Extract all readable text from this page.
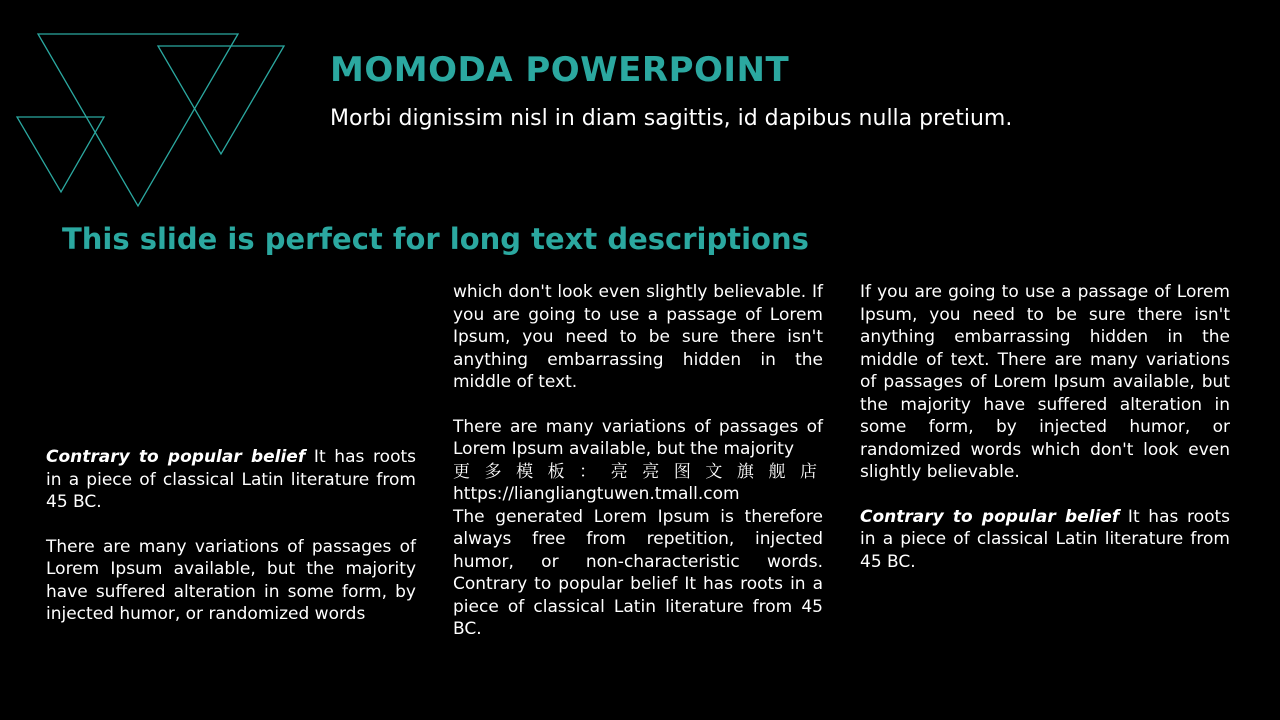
MOMODA POWERPOINT
Morbi dignissim nisl in diam sagittis, id dapibus nulla pretium.
This slide is perfect for long text descriptions

Contrary to popular belief It has roots in a piece of classical Latin literature from 45 BC.

There are many variations of passages of Lorem Ipsum available, but the majority have suffered alteration in some form, by injected humor, or randomized words

which don't look even slightly believable. If you are going to use a passage of Lorem Ipsum, you need to be sure there isn't anything embarrassing hidden in the middle of text.

There are many variations of passages of Lorem Ipsum available, but the majority
更多模板：亮亮图文旗舰店
https://liangliangtuwen.tmall.com

The generated Lorem Ipsum is therefore always free from repetition, injected humor, or non-characteristic words. Contrary to popular belief It has roots in a piece of classical Latin literature from 45 BC.

If you are going to use a passage of Lorem Ipsum, you need to be sure there isn't anything embarrassing hidden in the middle of text. There are many variations of passages of Lorem Ipsum available, but the majority have suffered alteration in some form, by injected humor, or randomized words which don't look even slightly believable.

Contrary to popular belief It has roots in a piece of classical Latin literature from 45 BC.
